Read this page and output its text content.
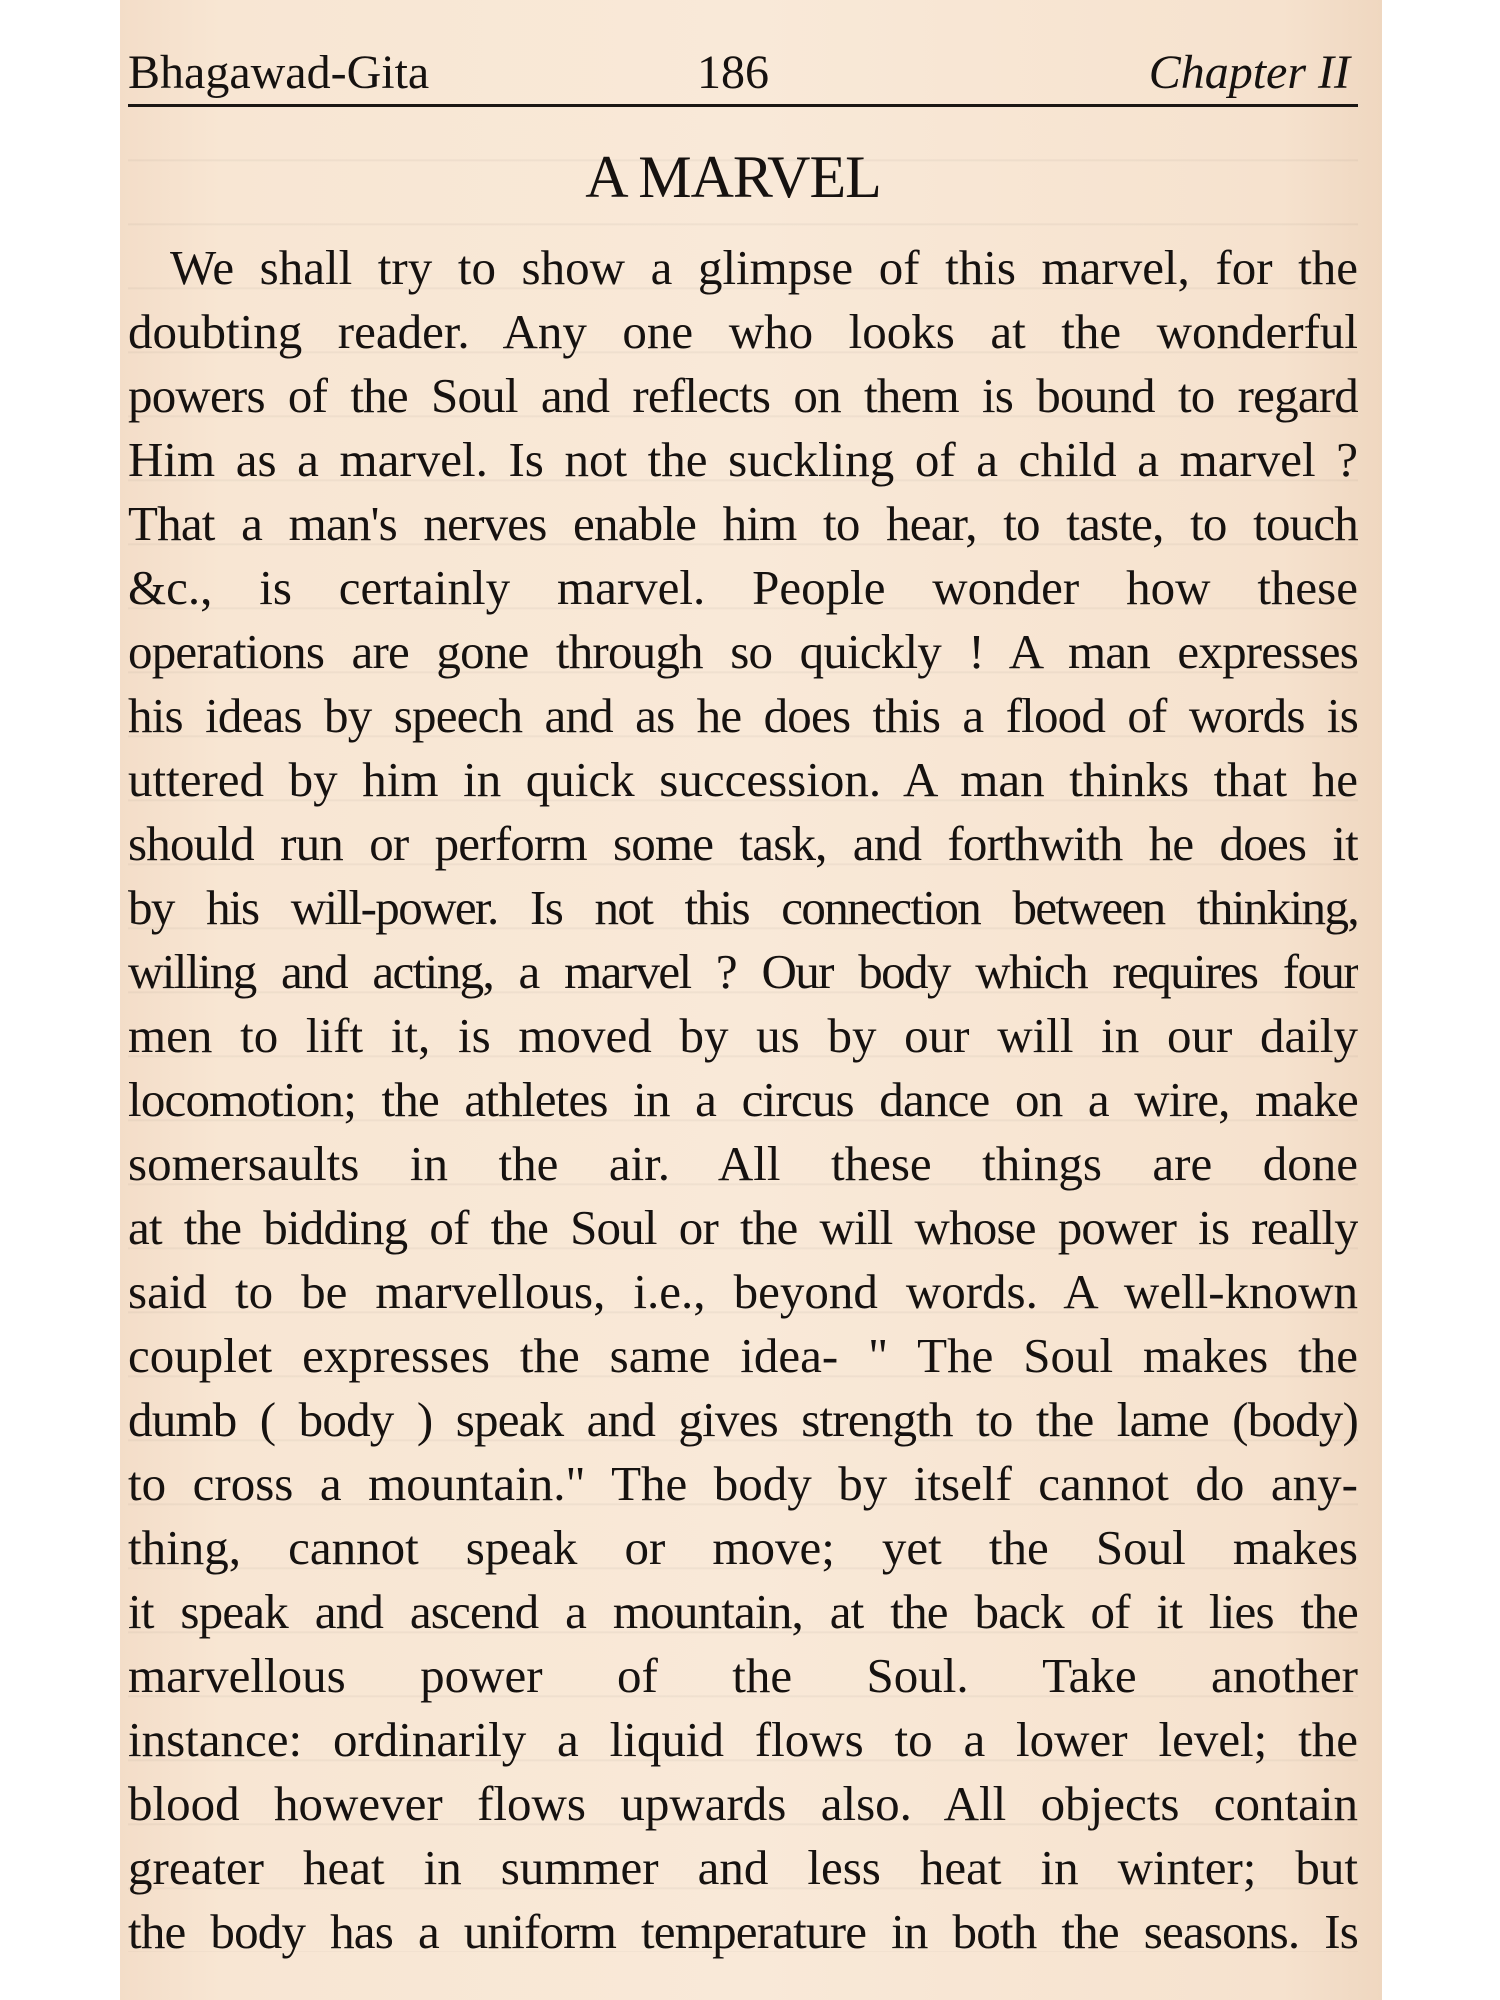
Bhagawad-Gita	186	Chapter II
A MARVEL
We shall try to show a glimpse of this marvel, for the
doubting reader. Any one who looks at the wonderful
powers of the Soul and reflects on them is bound to regard
Him as a marvel. Is not the suckling of a child a marvel ?
That a man's nerves enable him to hear, to taste, to touch
&c., is certainly marvel. People wonder how these
operations are gone through so quickly ! A man expresses
his ideas by speech and as he does this a flood of words is
uttered by him in quick succession. A man thinks that he
should run or perform some task, and forthwith he does it
by his will-power. Is not this connection between thinking,
willing and acting, a marvel ? Our body which requires four
men to lift it, is moved by us by our will in our daily
locomotion; the athletes in a circus dance on a wire, make
somersaults in the air. All these things are done
at the bidding of the Soul or the will whose power is really
said to be marvellous, i.e., beyond words. A well-known
couplet expresses the same idea- " The Soul makes the
dumb ( body ) speak and gives strength to the lame (body)
to cross a mountain." The body by itself cannot do any-
thing, cannot speak or move; yet the Soul makes
it speak and ascend a mountain, at the back of it lies the
marvellous power of the Soul. Take another
instance: ordinarily a liquid flows to a lower level; the
blood however flows upwards also. All objects contain
greater heat in summer and less heat in winter; but
the body has a uniform temperature in both the seasons. Is
